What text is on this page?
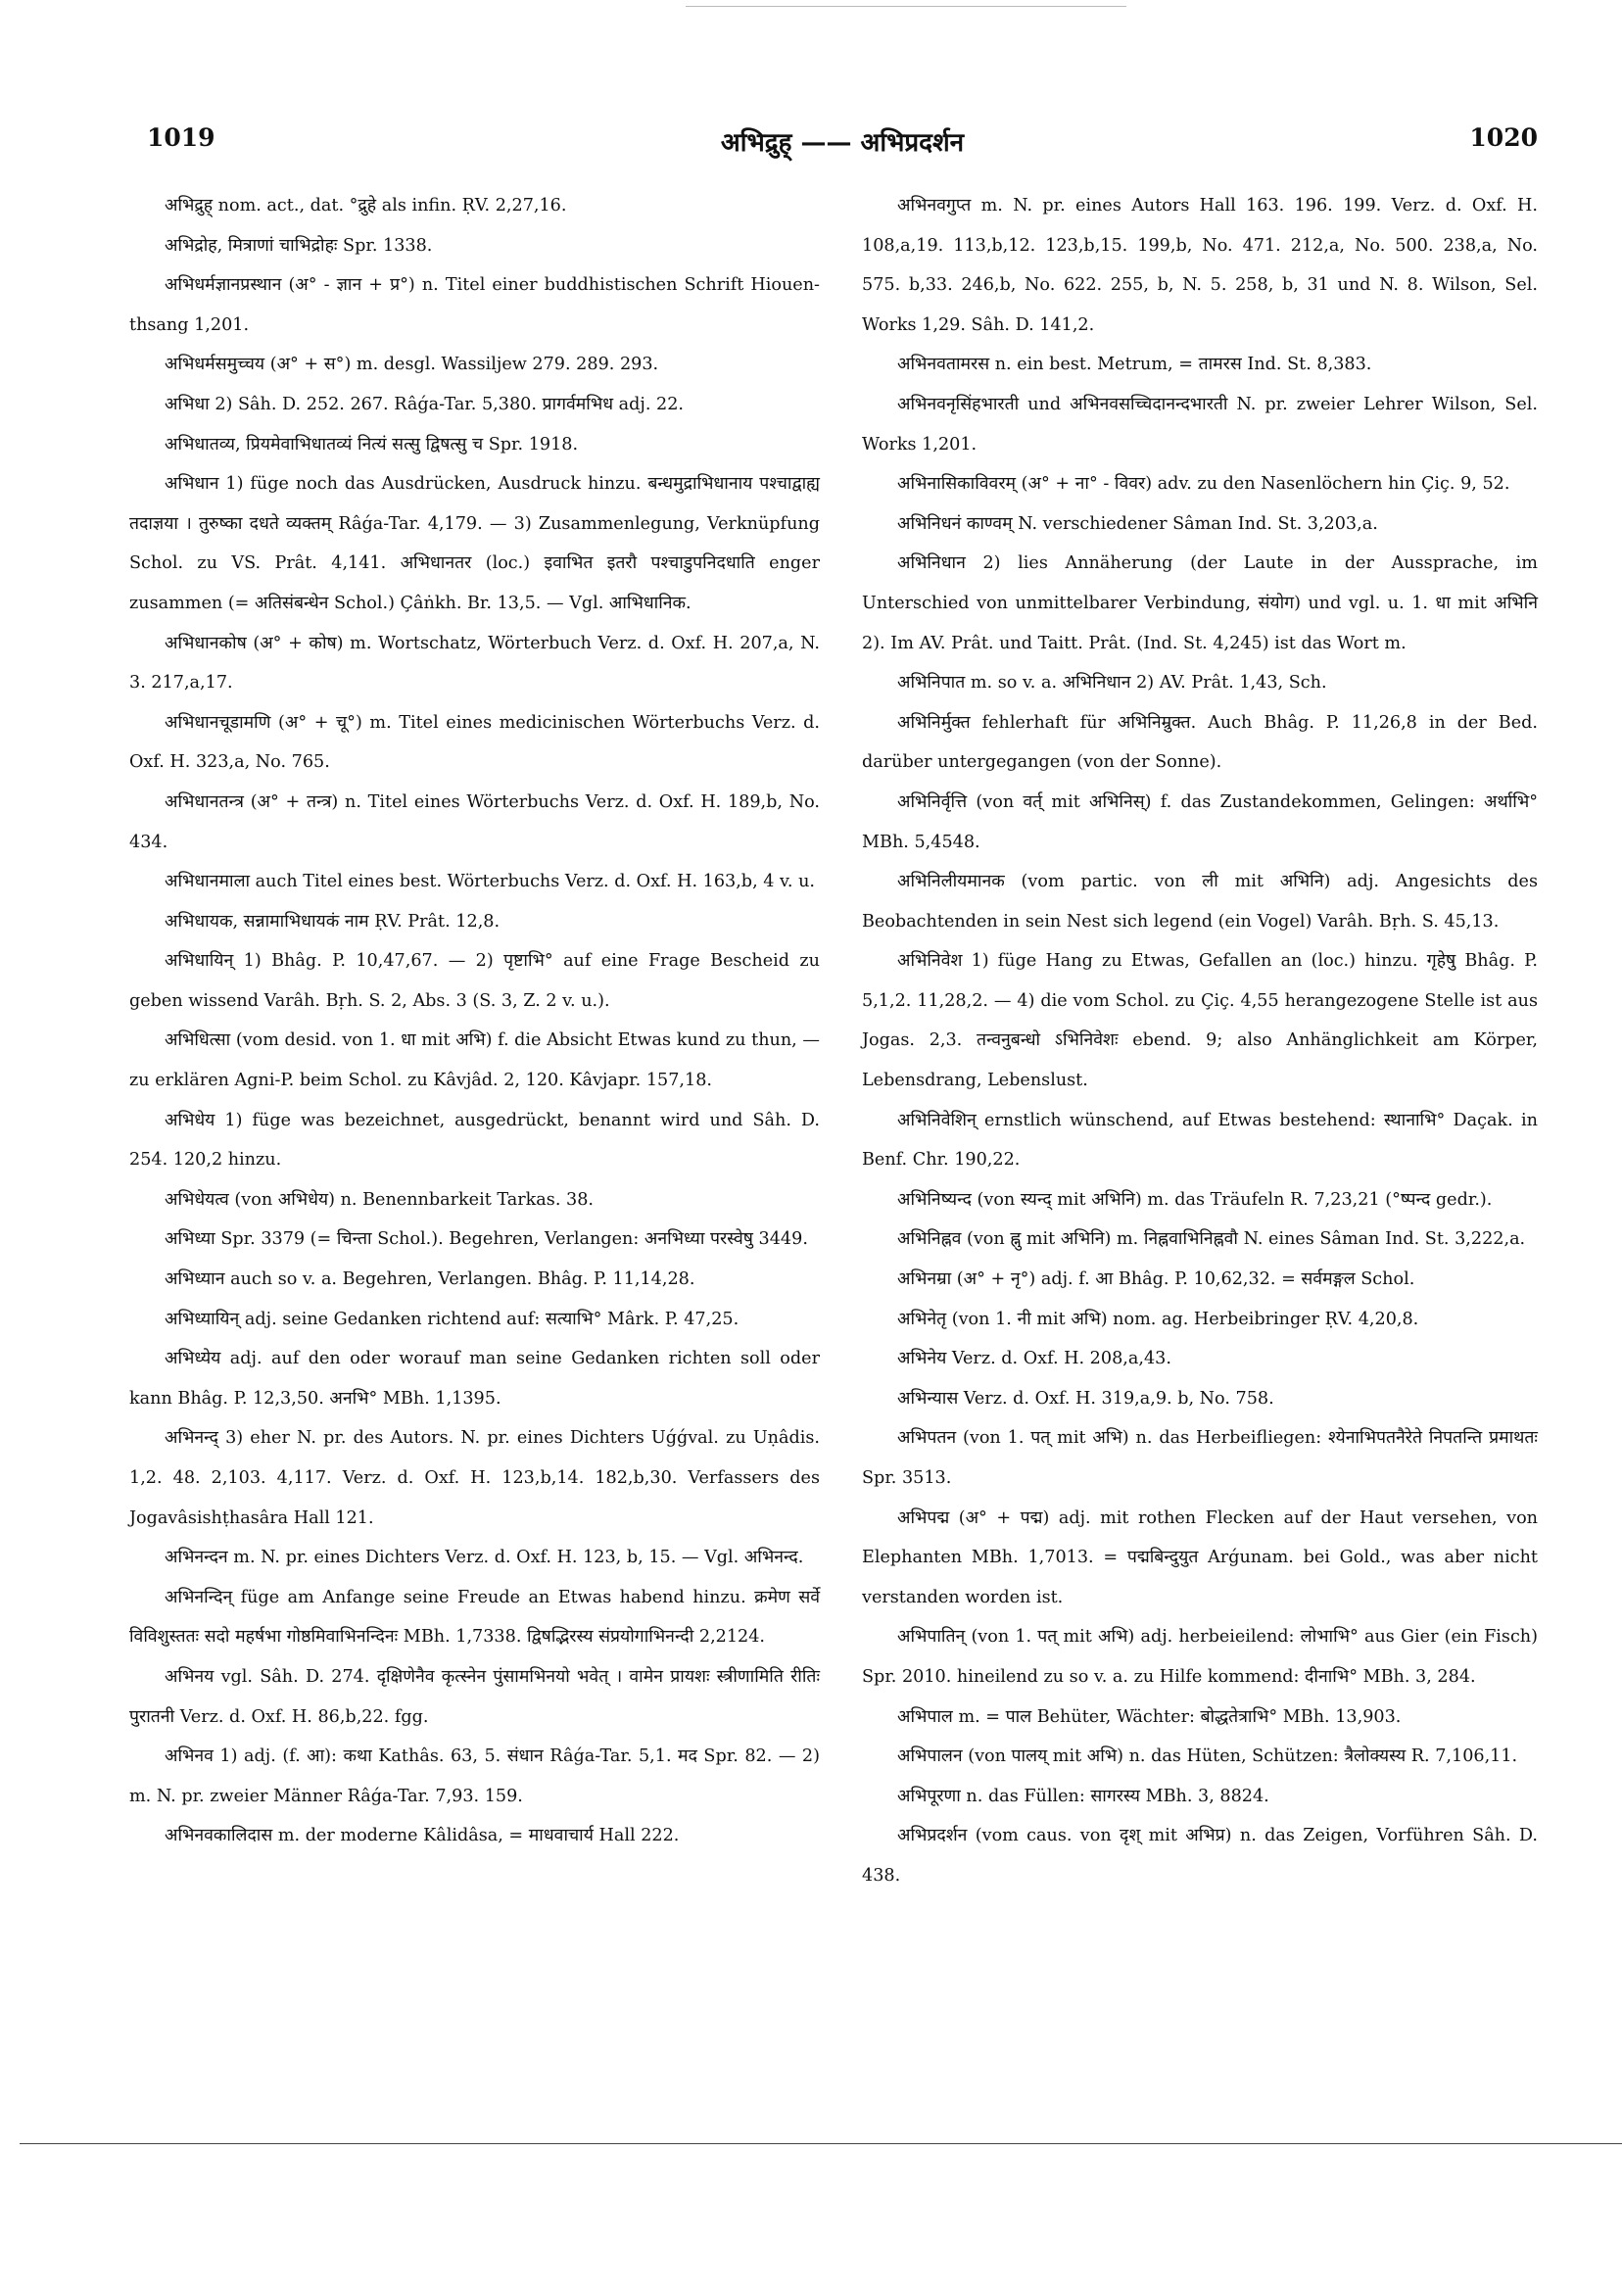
1019	अभिद्रुह् —— अभिप्रदर्शन	1020

अभिद्रुह् nom. act., dat. °द्रुहे als infin. ṚV. 2,27,16.

अभिद्रोह, मित्राणां चाभिद्रोहः Spr. 1338.

अभिधर्मज्ञानप्रस्थान (अ° - ज्ञान + प्र°) n. Titel einer buddhistischen Schrift Hiouen-thsang 1,201.

अभिधर्मसमुच्चय (अ° + स°) m. desgl. Wassiljew 279. 289. 293.

अभिधा 2) Sâh. D. 252. 267. Râǵa-Tar. 5,380. प्रागर्वमभिध adj. 22.

अभिधातव्य, प्रियमेवाभिधातव्यं नित्यं सत्सु द्विषत्सु च Spr. 1918.

अभिधान 1) füge noch das Ausdrücken, Ausdruck hinzu. बन्धमुद्राभिधानाय पश्चाद्वाह्य तदाज्ञया । तुरुष्का दधते व्यक्तम् Râǵa-Tar. 4,179. — 3) Zusammenlegung, Verknüpfung Schol. zu VS. Prât. 4,141. अभिधानतर (loc.) इवाभित इतरौ पश्चाडुपनिदधाति enger zusammen (= अतिसंबन्धेन Schol.) Çâṅkh. Br. 13,5. — Vgl. आभिधानिक.

अभिधानकोष (अ° + कोष) m. Wortschatz, Wörterbuch Verz. d. Oxf. H. 207,a, N. 3. 217,a,17.

अभिधानचूडामणि (अ° + चू°) m. Titel eines medicinischen Wörterbuchs Verz. d. Oxf. H. 323,a, No. 765.

अभिधानतन्त्र (अ° + तन्त्र) n. Titel eines Wörterbuchs Verz. d. Oxf. H. 189,b, No. 434.

अभिधानमाला auch Titel eines best. Wörterbuchs Verz. d. Oxf. H. 163,b, 4 v. u.

अभिधायक, सन्नामाभिधायकं नाम ṚV. Prât. 12,8.

अभिधायिन् 1) Bhâg. P. 10,47,67. — 2) पृष्टाभि° auf eine Frage Bescheid zu geben wissend Varâh. Bṛh. S. 2, Abs. 3 (S. 3, Z. 2 v. u.).

अभिधित्सा (vom desid. von 1. धा mit अभि) f. die Absicht Etwas kund zu thun, — zu erklären Agni-P. beim Schol. zu Kâvjâd. 2, 120. Kâvjapr. 157,18.

अभिधेय 1) füge was bezeichnet, ausgedrückt, benannt wird und Sâh. D. 254. 120,2 hinzu.

अभिधेयत्व (von अभिधेय) n. Benennbarkeit Tarkas. 38.

अभिध्या Spr. 3379 (= चिन्ता Schol.). Begehren, Verlangen: अनभिध्या परस्वेषु 3449.

अभिध्यान auch so v. a. Begehren, Verlangen. Bhâg. P. 11,14,28.

अभिध्यायिन् adj. seine Gedanken richtend auf: सत्याभि° Mârk. P. 47,25.

अभिध्येय adj. auf den oder worauf man seine Gedanken richten soll oder kann Bhâg. P. 12,3,50. अनभि° MBh. 1,1395.

अभिनन्द् 3) eher N. pr. des Autors. N. pr. eines Dichters Uǵǵval. zu Uṇâdis. 1,2. 48. 2,103. 4,117. Verz. d. Oxf. H. 123,b,14. 182,b,30. Verfassers des Jogavâsishṭhasâra Hall 121.

अभिनन्दन m. N. pr. eines Dichters Verz. d. Oxf. H. 123, b, 15. — Vgl. अभिनन्द.

अभिनन्दिन् füge am Anfange seine Freude an Etwas habend hinzu. क्रमेण सर्वे विविशुस्ततः सदो महर्षभा गोष्ठमिवाभिनन्दिनः MBh. 1,7338. द्विषद्भिरस्य संप्रयोगाभिनन्दी 2,2124.

अभिनय vgl. Sâh. D. 274. दृक्षिणेनैव कृत्स्नेन पुंसामभिनयो भवेत् । वामेन प्रायशः स्त्रीणामिति रीतिः पुरातनी Verz. d. Oxf. H. 86,b,22. fgg.

अभिनव 1) adj. (f. आ): कथा Kathâs. 63, 5. संधान Râǵa-Tar. 5,1. मद Spr. 82. — 2) m. N. pr. zweier Männer Râǵa-Tar. 7,93. 159.

अभिनवकालिदास m. der moderne Kâlidâsa, = माधवाचार्य Hall 222.

अभिनवगुप्त m. N. pr. eines Autors Hall 163. 196. 199. Verz. d. Oxf. H. 108,a,19. 113,b,12. 123,b,15. 199,b, No. 471. 212,a, No. 500. 238,a, No. 575. b,33. 246,b, No. 622. 255, b, N. 5. 258, b, 31 und N. 8. Wilson, Sel. Works 1,29. Sâh. D. 141,2.

अभिनवतामरस n. ein best. Metrum, = तामरस Ind. St. 8,383.

अभिनवनृसिंहभारती und अभिनवसच्चिदानन्दभारती N. pr. zweier Lehrer Wilson, Sel. Works 1,201.

अभिनासिकाविवरम् (अ° + ना° - विवर) adv. zu den Nasenlöchern hin Çiç. 9, 52.

अभिनिधनं काण्वम् N. verschiedener Sâman Ind. St. 3,203,a.

अभिनिधान 2) lies Annäherung (der Laute in der Aussprache, im Unterschied von unmittelbarer Verbindung, संयोग) und vgl. u. 1. धा mit अभिनि 2). Im AV. Prât. und Taitt. Prât. (Ind. St. 4,245) ist das Wort m.

अभिनिपात m. so v. a. अभिनिधान 2) AV. Prât. 1,43, Sch.

अभिनिर्मुक्त fehlerhaft für अभिनिम्रुक्त. Auch Bhâg. P. 11,26,8 in der Bed. darüber untergegangen (von der Sonne).

अभिनिर्वृत्ति (von वर्त् mit अभिनिस्) f. das Zustandekommen, Gelingen: अर्थाभि° MBh. 5,4548.

अभिनिलीयमानक (vom partic. von ली mit अभिनि) adj. Angesichts des Beobachtenden in sein Nest sich legend (ein Vogel) Varâh. Bṛh. S. 45,13.

अभिनिवेश 1) füge Hang zu Etwas, Gefallen an (loc.) hinzu. गृहेषु Bhâg. P. 5,1,2. 11,28,2. — 4) die vom Schol. zu Çiç. 4,55 herangezogene Stelle ist aus Jogas. 2,3. तन्वनुबन्धो ऽभिनिवेशः ebend. 9; also Anhänglichkeit am Körper, Lebensdrang, Lebenslust.

अभिनिवेशिन् ernstlich wünschend, auf Etwas bestehend: स्थानाभि° Daçak. in Benf. Chr. 190,22.

अभिनिष्यन्द (von स्यन्द् mit अभिनि) m. das Träufeln R. 7,23,21 (°ष्पन्द gedr.).

अभिनिह्नव (von ह्नु mit अभिनि) m. निह्नवाभिनिह्नवौ N. eines Sâman Ind. St. 3,222,a.

अभिनम्रा (अ° + नृ°) adj. f. आ Bhâg. P. 10,62,32. = सर्वमङ्गल Schol.

अभिनेतृ (von 1. नी mit अभि) nom. ag. Herbeibringer ṚV. 4,20,8.

अभिनेय Verz. d. Oxf. H. 208,a,43.

अभिन्यास Verz. d. Oxf. H. 319,a,9. b, No. 758.

अभिपतन (von 1. पत् mit अभि) n. das Herbeifliegen: श्येनाभिपतनैरेते निपतन्ति प्रमाथतः Spr. 3513.

अभिपद्म (अ° + पद्म) adj. mit rothen Flecken auf der Haut versehen, von Elephanten MBh. 1,7013. = पद्मबिन्दुयुत Arǵunam. bei Gold., was aber nicht verstanden worden ist.

अभिपातिन् (von 1. पत् mit अभि) adj. herbeieilend: लोभाभि° aus Gier (ein Fisch) Spr. 2010. hineilend zu so v. a. zu Hilfe kommend: दीनाभि° MBh. 3, 284.

अभिपाल m. = पाल Behüter, Wächter: बोद्धतेत्राभि° MBh. 13,903.

अभिपालन (von पालय् mit अभि) n. das Hüten, Schützen: त्रैलोक्यस्य R. 7,106,11.

अभिपूरणा n. das Füllen: सागरस्य MBh. 3, 8824.

अभिप्रदर्शन (vom caus. von दृश् mit अभिप्र) n. das Zeigen, Vorführen Sâh. D. 438.
